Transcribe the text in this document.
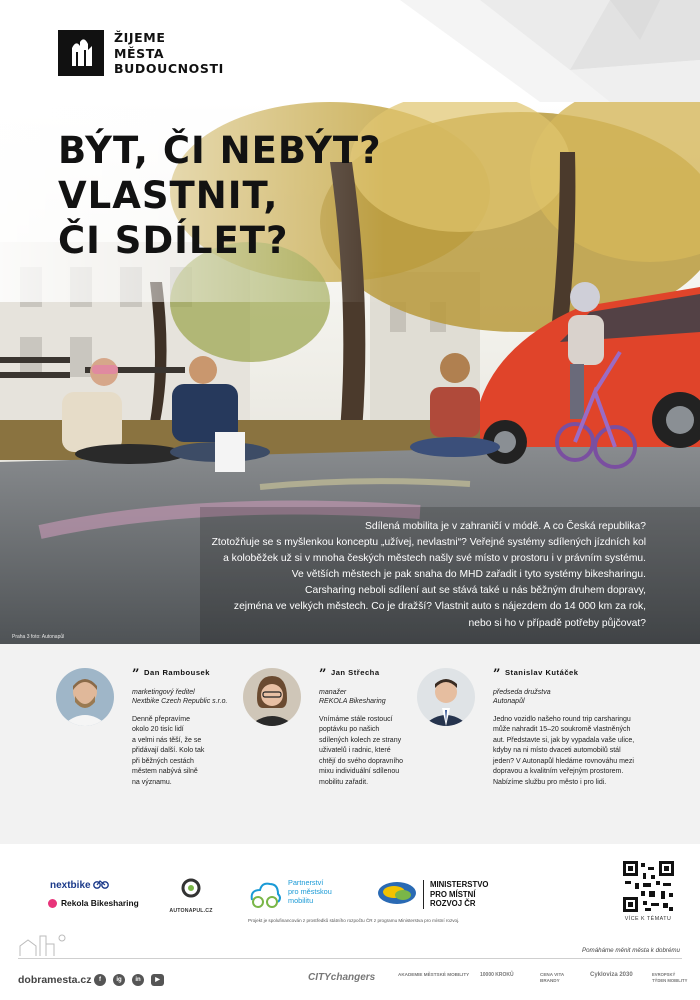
ŽIJEME
MĚSTA
BUDOUCNOSTI
BÝT, ČI NEBÝT?
VLASTNIT,
ČI SDÍLET?
Sdílená mobilita je v zahraničí v módě. A co Česká republika?
Ztotožňuje se s myšlenkou konceptu „užívej, nevlastni“? Veřejné systémy sdílených jízdních kol
a koloběžek už si v mnoha českých městech našly své místo v prostoru i v právním systému.
Ve větších městech je pak snaha do MHD zařadit i tyto systémy bikesharingu.
Carsharing neboli sdílení aut se stává také u nás běžným druhem dopravy,
zejména ve velkých městech. Co je dražší? Vlastnit auto s nájezdem do 14 000 km za rok,
nebo si ho v případě potřeby půjčovat?
Praha 3 foto: Autonapůl
” Dan Rambousek
marketingový ředitel
Nextbike Czech Republic s.r.o.
Denně přepravíme
okolo 20 tisíc lidí
a velmi nás těší, že se
přidávají další. Kolo tak
při běžných cestách
městem nabývá silně
na významu.
” Jan Střecha
manažer
REKOLA Bikesharing
Vnímáme stále rostoucí
poptávku po našich
sdílených kolech ze strany
uživatelů i radnic, které
chtějí do svého dopravního
mixu individuální sdílenou
mobilitu zařadit.
” Stanislav Kutáček
předseda družstva
Autonapůl
Jedno vozidlo našeho round trip carsharingu
může nahradit 15–20 soukromě vlastněných
aut. Představte si, jak by vypadala vaše ulice,
kdyby na ni místo dvaceti automobilů stál
jeden? V Autonapůl hledáme rovnováhu mezi
dopravou a kvalitním veřejným prostorem.
Nabízíme službu pro město i pro lidi.
nextbike
Rekola Bikesharing
AUTONAPUL.CZ
Partnerství
pro městskou
mobilitu
MINISTERSTVO
PRO MÍSTNÍ
ROZVOJ ČR
Projekt je spolufinancován z prostředků státního rozpočtu ČR z programu Ministerstva pro místní rozvoj.	VÍCE K TÉMATU
Pomáháme měnit města k dobrému
dobramesta.cz	f	ig	in	▶	CITYchangers	AKADEMIE MĚSTSKÉ MOBILITY 10000 KROKŮ	CENA VITA BRANDY
Cykloviza 2030	EVROPSKÝ TÝDEN MOBILITY
